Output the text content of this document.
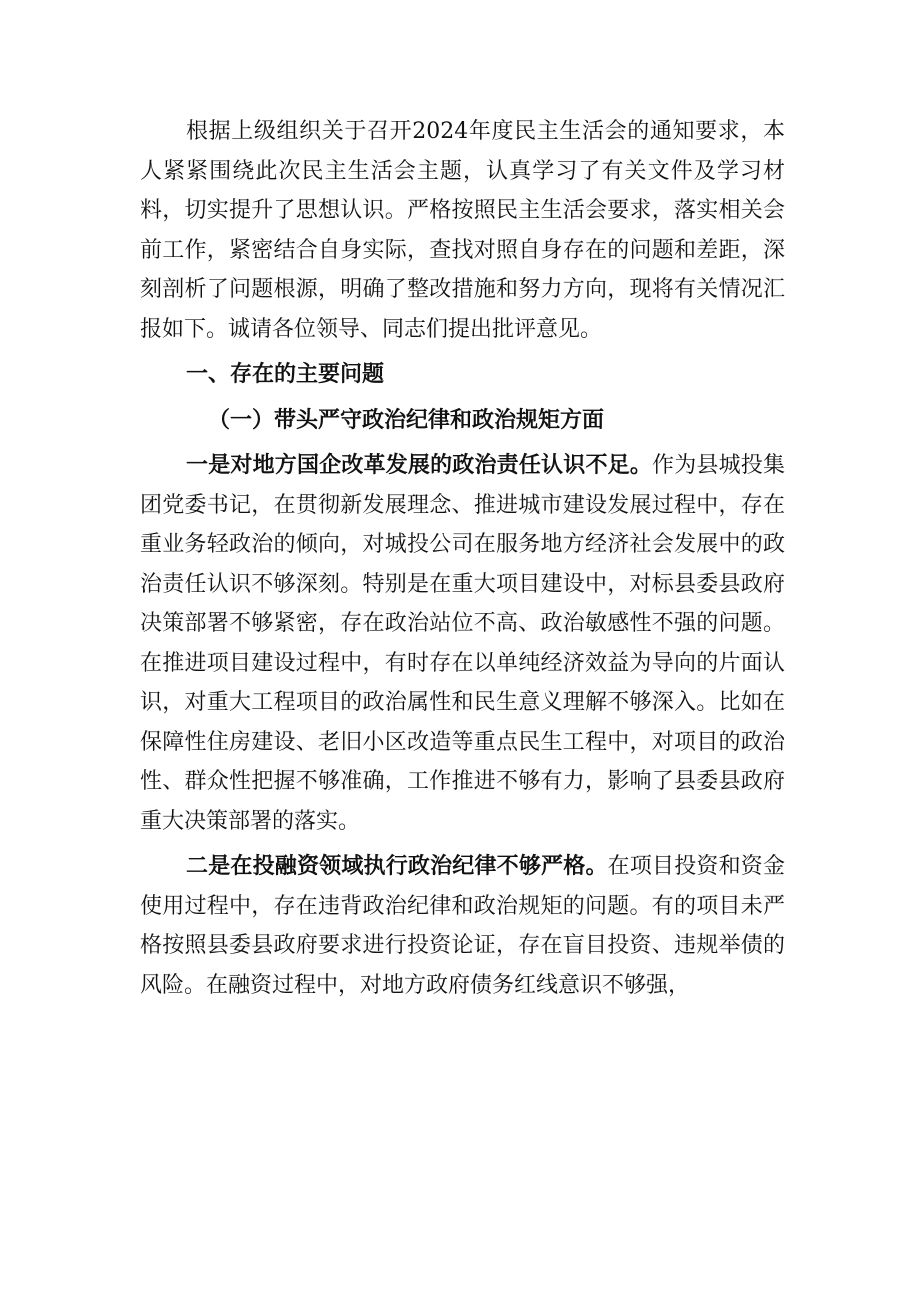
根据上级组织关于召开2024年度民主生活会的通知要求，本人紧紧围绕此次民主生活会主题，认真学习了有关文件及学习材料，切实提升了思想认识。严格按照民主生活会要求，落实相关会前工作，紧密结合自身实际，查找对照自身存在的问题和差距，深刻剖析了问题根源，明确了整改措施和努力方向，现将有关情况汇报如下。诚请各位领导、同志们提出批评意见。

一、存在的主要问题

（一）带头严守政治纪律和政治规矩方面

一是对地方国企改革发展的政治责任认识不足。作为县城投集团党委书记，在贯彻新发展理念、推进城市建设发展过程中，存在重业务轻政治的倾向，对城投公司在服务地方经济社会发展中的政治责任认识不够深刻。特别是在重大项目建设中，对标县委县政府决策部署不够紧密，存在政治站位不高、政治敏感性不强的问题。在推进项目建设过程中，有时存在以单纯经济效益为导向的片面认识，对重大工程项目的政治属性和民生意义理解不够深入。比如在保障性住房建设、老旧小区改造等重点民生工程中，对项目的政治性、群众性把握不够准确，工作推进不够有力，影响了县委县政府重大决策部署的落实。

二是在投融资领域执行政治纪律不够严格。在项目投资和资金使用过程中，存在违背政治纪律和政治规矩的问题。有的项目未严格按照县委县政府要求进行投资论证，存在盲目投资、违规举债的风险。在融资过程中，对地方政府债务红线意识不够强，
